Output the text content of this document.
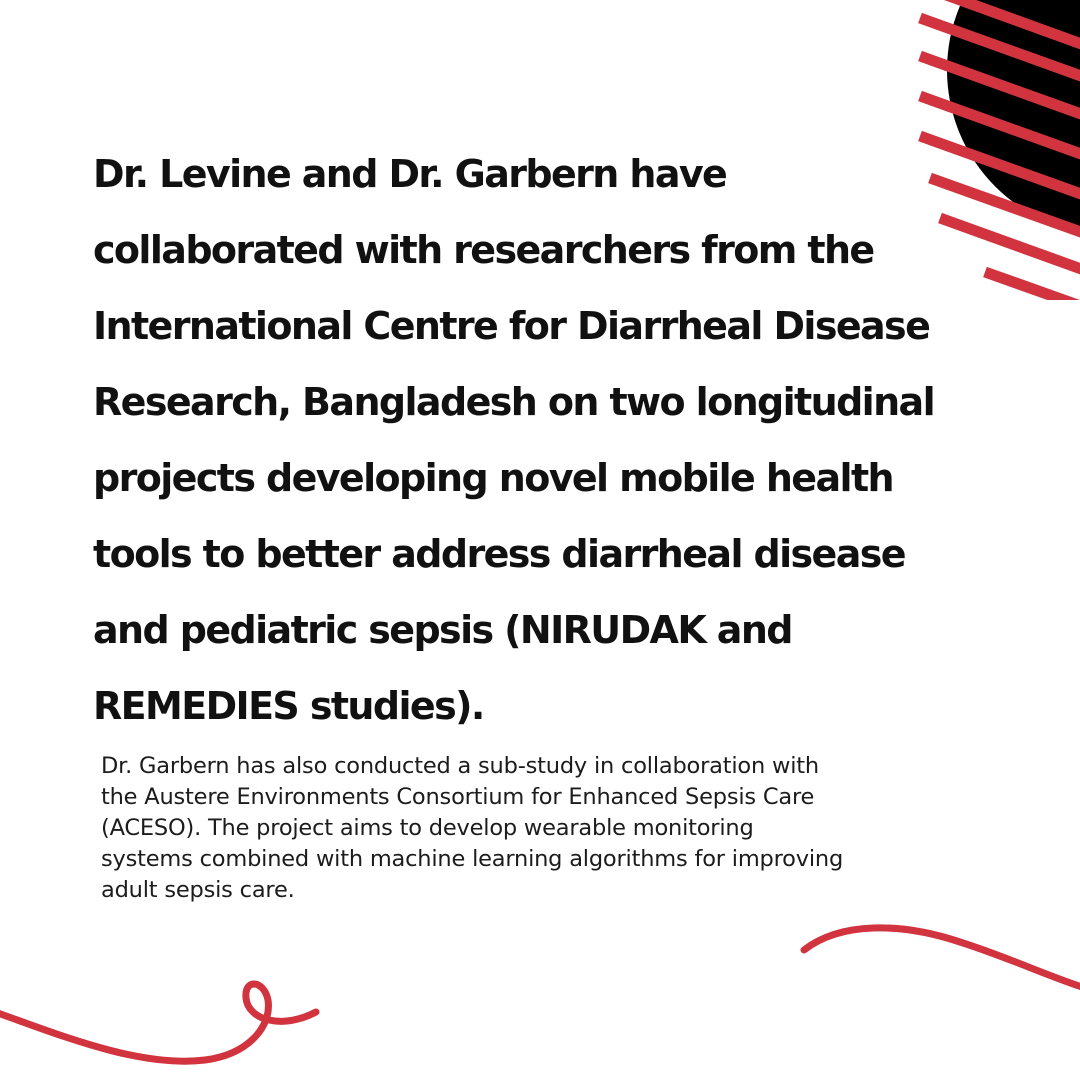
Dr. Levine and Dr. Garbern have
collaborated with researchers from the
International Centre for Diarrheal Disease
Research, Bangladesh on two longitudinal
projects developing novel mobile health
tools to better address diarrheal disease
and pediatric sepsis (NIRUDAK and
REMEDIES studies).
Dr. Garbern has also conducted a sub-study in collaboration with
the Austere Environments Consortium for Enhanced Sepsis Care
(ACESO). The project aims to develop wearable monitoring
systems combined with machine learning algorithms for improving
adult sepsis care.
